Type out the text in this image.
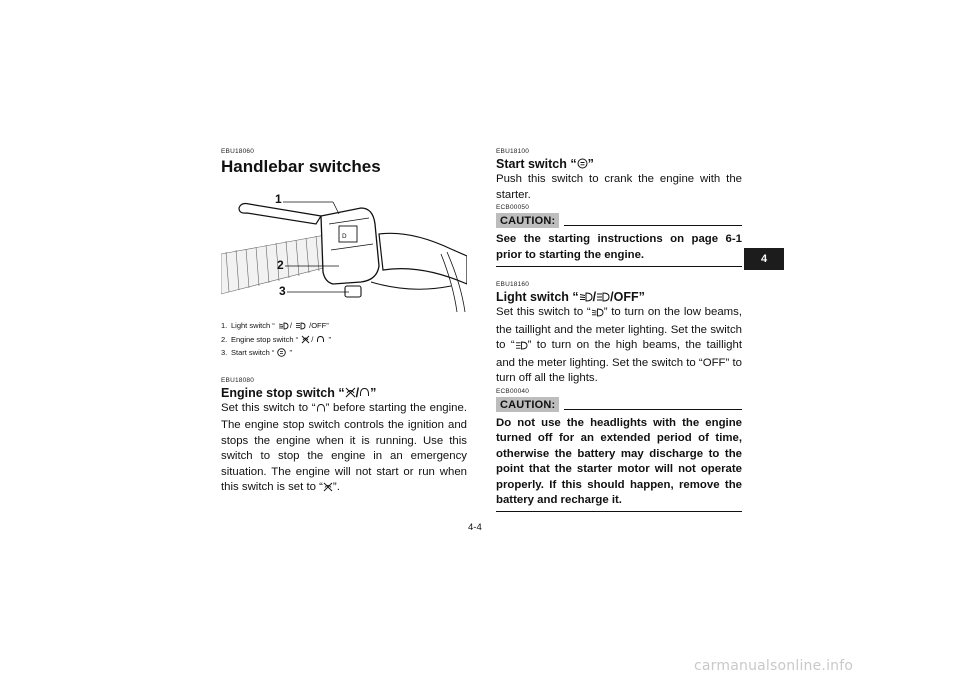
EBU18060
Handlebar switches
D
1
2
3
1. Light switch “ /  /OFF”
2. Engine stop switch “ /  ”
3. Start switch “ ”
EBU18080
Engine stop switch “ / ”

Set this switch to “ ” before starting the engine. The engine stop switch controls the ignition and stops the engine when it is running. Use this switch to stop the engine in an emergency situation. The engine will not start or run when this switch is set to “ ”.

EBU18100
Start switch “ ”

Push this switch to crank the engine with the starter.

ECB00050
CAUTION:

See the starting instructions on page 6-1 prior to starting the engine.

EBU18160
Light switch “ / /OFF”

Set this switch to “ ” to turn on the low beams, the taillight and the meter lighting. Set the switch to “ ” to turn on the high beams, the taillight and the meter lighting. Set the switch to “OFF” to turn off all the lights.

ECB00040
CAUTION:

Do not use the headlights with the engine turned off for an extended period of time, otherwise the battery may discharge to the point that the starter motor will not operate properly. If this should happen, remove the battery and recharge it.

4
4-4
carmanualsonline.info
